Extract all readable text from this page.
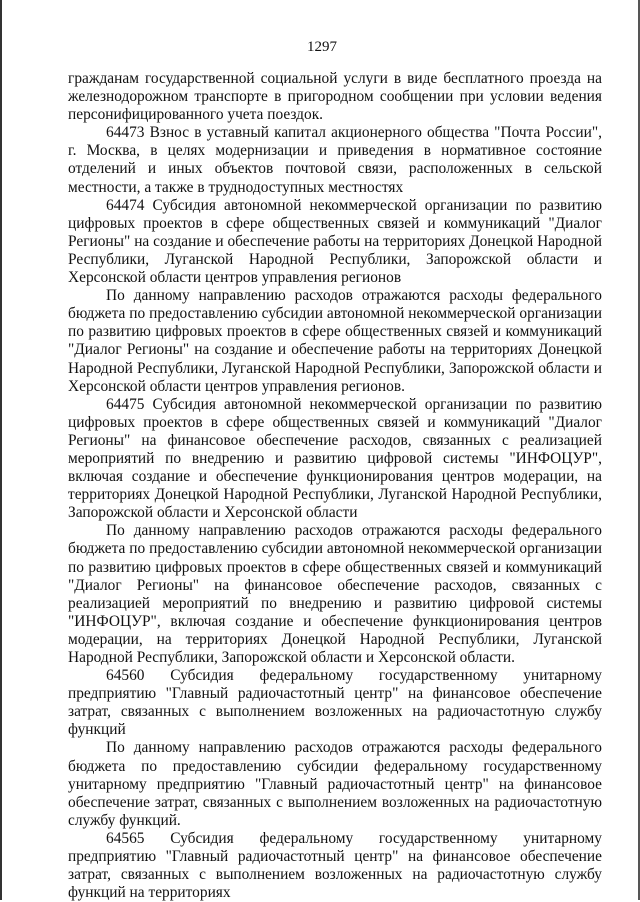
1297

гражданам государственной социальной услуги в виде бесплатного проезда на железнодорожном транспорте в пригородном сообщении при условии ведения персонифицированного учета поездок.

64473 Взнос в уставный капитал акционерного общества "Почта России", г. Москва, в целях модернизации и приведения в нормативное состояние отделений и иных объектов почтовой связи, расположенных в сельской местности, а также в труднодоступных местностях

64474 Субсидия автономной некоммерческой организации по развитию цифровых проектов в сфере общественных связей и коммуникаций "Диалог Регионы" на создание и обеспечение работы на территориях Донецкой Народной Республики, Луганской Народной Республики, Запорожской области и Херсонской области центров управления регионов

По данному направлению расходов отражаются расходы федерального бюджета по предоставлению субсидии автономной некоммерческой организации по развитию цифровых проектов в сфере общественных связей и коммуникаций "Диалог Регионы" на создание и обеспечение работы на территориях Донецкой Народной Республики, Луганской Народной Республики, Запорожской области и Херсонской области центров управления регионов.

64475 Субсидия автономной некоммерческой организации по развитию цифровых проектов в сфере общественных связей и коммуникаций "Диалог Регионы" на финансовое обеспечение расходов, связанных с реализацией мероприятий по внедрению и развитию цифровой системы "ИНФОЦУР", включая создание и обеспечение функционирования центров модерации, на территориях Донецкой Народной Республики, Луганской Народной Республики, Запорожской области и Херсонской области

По данному направлению расходов отражаются расходы федерального бюджета по предоставлению субсидии автономной некоммерческой организации по развитию цифровых проектов в сфере общественных связей и коммуникаций "Диалог Регионы" на финансовое обеспечение расходов, связанных с реализацией мероприятий по внедрению и развитию цифровой системы "ИНФОЦУР", включая создание и обеспечение функционирования центров модерации, на территориях Донецкой Народной Республики, Луганской Народной Республики, Запорожской области и Херсонской области.

64560 Субсидия федеральному государственному унитарному предприятию "Главный радиочастотный центр" на финансовое обеспечение затрат, связанных с выполнением возложенных на радиочастотную службу функций

По данному направлению расходов отражаются расходы федерального бюджета по предоставлению субсидии федеральному государственному унитарному предприятию "Главный радиочастотный центр" на финансовое обеспечение затрат, связанных с выполнением возложенных на радиочастотную службу функций.

64565 Субсидия федеральному государственному унитарному предприятию "Главный радиочастотный центр" на финансовое обеспечение затрат, связанных с выполнением возложенных на радиочастотную службу функций на территориях
